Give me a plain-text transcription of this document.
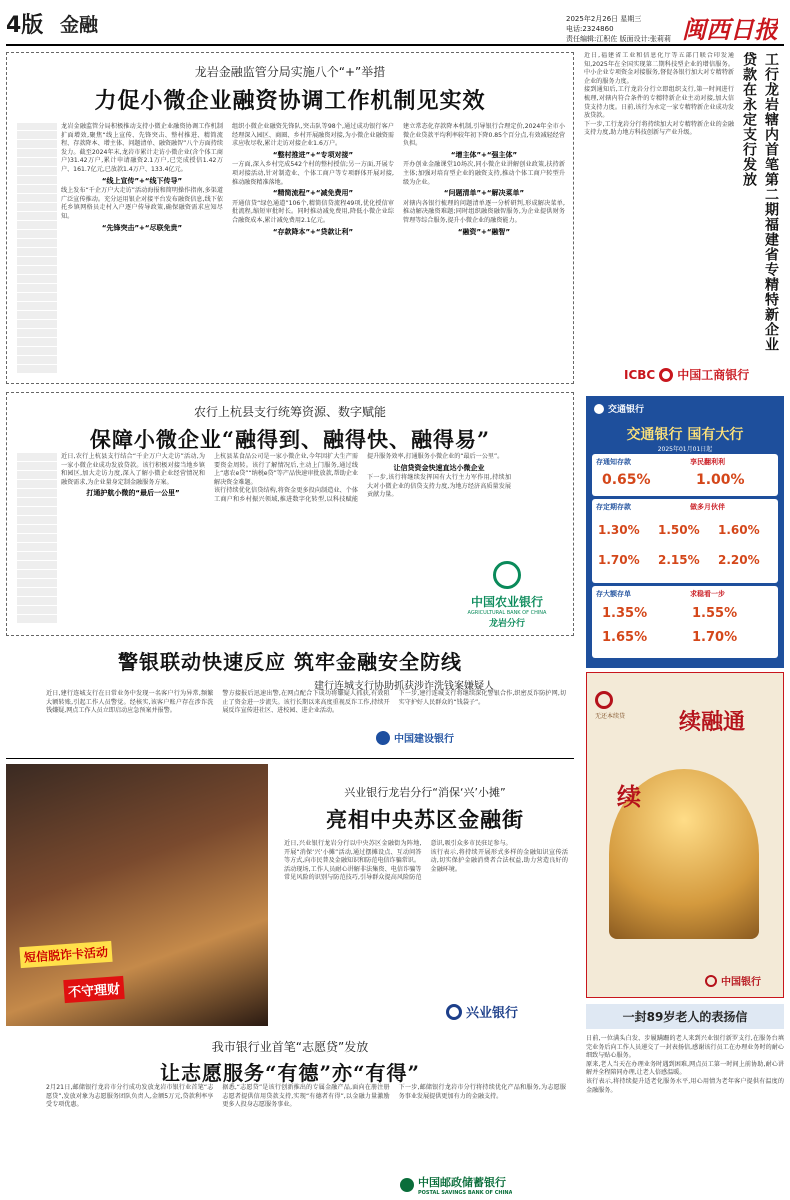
4版 金融	2025年2月26日 星期三
电话:2324860
责任编辑:江积佐 版面设计:张莉莉 闽西日报
龙岩金融监管分局实施八个“+”举措
力促小微企业融资协调工作机制见实效

龙岩金融监管分局积极推动支持小微企业融资协调工作机制扩面增效,聚焦“线上宣传、先锋突击、整村推进、精简流程、存款降本、增主体、问题清单、融资融智”八个方面持续发力。截至2024年末,龙岩市累计走访小微企业(含个体工商户)31.42万户,累计申请融资2.1万户,已完成授信1.42万户、161.7亿元,已放款1.4万户、133.4亿元。

“线上宣传”+“线下传导”

线上发布“千企万户大走访”活动海报和简明操作指南,多渠道广泛宣传推动。充分运用银企对接平台发布融资信息,线下依托乡镇网格员走村入户逐户传导政策,确保融资需求应知尽知。

“先锋突击”+“尽联免贵”

组织小微企业融资先锋队,突击队等98个,通过成功银行客户经理深入园区、商圈、乡村开展融资对接,为小微企业融资需求应收尽收,累计走访对接企业1.6万户。

“整村推进”+“专项对接”

一方面,深入乡村完成542个村的整村授信;另一方面,开展专项对接活动,针对制造业、个体工商户等专项群体开展对接,推动融资精准落地。

“精简流程”+“减免费用”

开通信贷“绿色通道”106个,精简信贷流程49项,优化授信审批流程,缩短审批时长。同时推动减免费用,降低小微企业综合融资成本,累计减免费用2.1亿元。

“存款降本”+“贷款让利”

建立常态化存款降本机制,引导银行合理定价,2024年全市小微企业贷款平均利率较年初下降0.85个百分点,有效减轻经营负担。

“增主体”+“强主体”

开办创业金融课堂10场次,同小微企业讲解创业政策,扶持新主体;加强对培育型企业的融资支持,推动个体工商户转型升级为企业。

“问题清单”+“解决菜单”

对辖内各银行梳理的问题清单逐一分析研判,形成解决菜单,推动解决融资难题;同时组织融资融智服务,为企业提供财务管理等综合服务,提升小微企业的融资能力。

“融资”+“融智”
农行上杭县支行统筹资源、数字赋能
保障小微企业“融得到、融得快、融得易”

近日,农行上杭县支行结合“千企万户大走访”活动,为一家小微企业成功发放贷款。该行积极对接当地乡镇和园区,加大走访力度,深入了解小微企业经营情况和融资需求,为企业量身定制金融服务方案。

打通护航小微的“最后一公里”

上杭县某食品公司是一家小微企业,今年因扩大生产需要资金周转。该行了解情况后,主动上门服务,通过线上“惠农e贷”“纳税e贷”等产品快速审批放款,帮助企业解决资金难题。

该行持续优化信贷结构,将资金更多投向制造业、个体工商户和乡村振兴领域,推进数字化转型,以科技赋能提升服务效率,打通服务小微企业的“最后一公里”。

让信贷资金快速直达小微企业

下一步,该行将继续发挥国有大行主力军作用,持续加大对小微企业的信贷支持力度,为地方经济高质量发展贡献力量。

中国农业银行
AGRICULTURAL BANK OF CHINA
龙岩分行
警银联动快速反应 筑牢金融安全防线
建行连城支行协助抓获涉诈洗钱案嫌疑人

近日,建行连城支行在日常业务中发现一名客户行为异常,频繁大额转账,引起工作人员警觉。经核实,该客户账户存在涉诈洗钱嫌疑,网点工作人员立即启动应急预案并报警。

警方接报后迅速出警,在网点配合下成功将嫌疑人抓获,有效阻止了资金进一步流失。该行长期以来高度重视反诈工作,持续开展反诈宣传进社区、进校园、进企业活动。

下一步,建行连城支行将继续深化警银合作,织密反诈防护网,切实守护好人民群众的“钱袋子”。

中国建设银行
短信脱诈卡活动
不守理财
兴业银行龙岩分行“消保‘兴’小摊”
亮相中央苏区金融街

近日,兴业银行龙岩分行以中央苏区金融街为阵地,开展“消保‘兴’小摊”活动,通过摆摊设点、互动问答等方式,向市民普及金融知识和防范电信诈骗常识。

活动现场,工作人员耐心讲解非法集资、电信诈骗等常见风险的识别与防范技巧,引导群众提高风险防范意识,吸引众多市民驻足参与。

该行表示,将持续开展形式多样的金融知识宣传活动,切实保护金融消费者合法权益,助力营造良好的金融环境。

兴业银行
我市银行业首笔“志愿贷”发放
让志愿服务“有德”亦“有得”

2月21日,邮储银行龙岩市分行成功发放龙岩市银行业首笔“志愿贷”,发放对象为志愿服务团队负责人,金额5万元,贷款利率享受专项优惠。

据悉,“志愿贷”是该行创新推出的专属金融产品,面向在册注册志愿者提供信用贷款支持,实现“有德者有得”,以金融力量激励更多人投身志愿服务事业。

下一步,邮储银行龙岩市分行将持续优化产品和服务,为志愿服务事业发展提供更加有力的金融支持。

中国邮政储蓄银行
POSTAL SAVINGS BANK OF CHINA

近日,福建省工业和信息化厅等五部门联合印发通知,2025年在全国实现第二期科技型企业的增信服务。中小企业专项资金对接服务,督促各银行加大对专精特新企业的服务力度。

接到通知后,工行龙岩分行立即组织支行,第一时间进行梳理,对辖内符合条件的专精特新企业主动对接,加大信贷支持力度。日前,该行为永定一家专精特新企业成功发放贷款。

下一步,工行龙岩分行将持续加大对专精特新企业的金融支持力度,助力地方科技创新与产业升级。	工行龙岩辖内首笔第二期福建省专精特新企业贷款在永定支行发放
ICBC 中国工商银行
交通银行
交通银行 国有大行
2025年01月01日起
存通知存款	享民翻利利
0.65%	1.00%
存定期存款	做多月伙伴
1.30% 1.50% 1.60%
1.70% 2.15% 2.20%
存大额存单	求稳看一步
1.35%	1.55%
1.65%	1.70%
无还本续贷 续融通
续
中国银行
一封89岁老人的表扬信

日前,一位满头白发、步履蹒跚的老人来到兴业银行新罗支行,在服务台填完业务后向工作人员递交了一封表扬信,感谢该行员工在办理业务时的耐心细致与贴心服务。

原来,老人当天在办理业务时遇到困难,网点员工第一时间上前协助,耐心讲解并全程陪同办理,让老人倍感温暖。

该行表示,将持续提升适老化服务水平,用心用情为老年客户提供有温度的金融服务。
